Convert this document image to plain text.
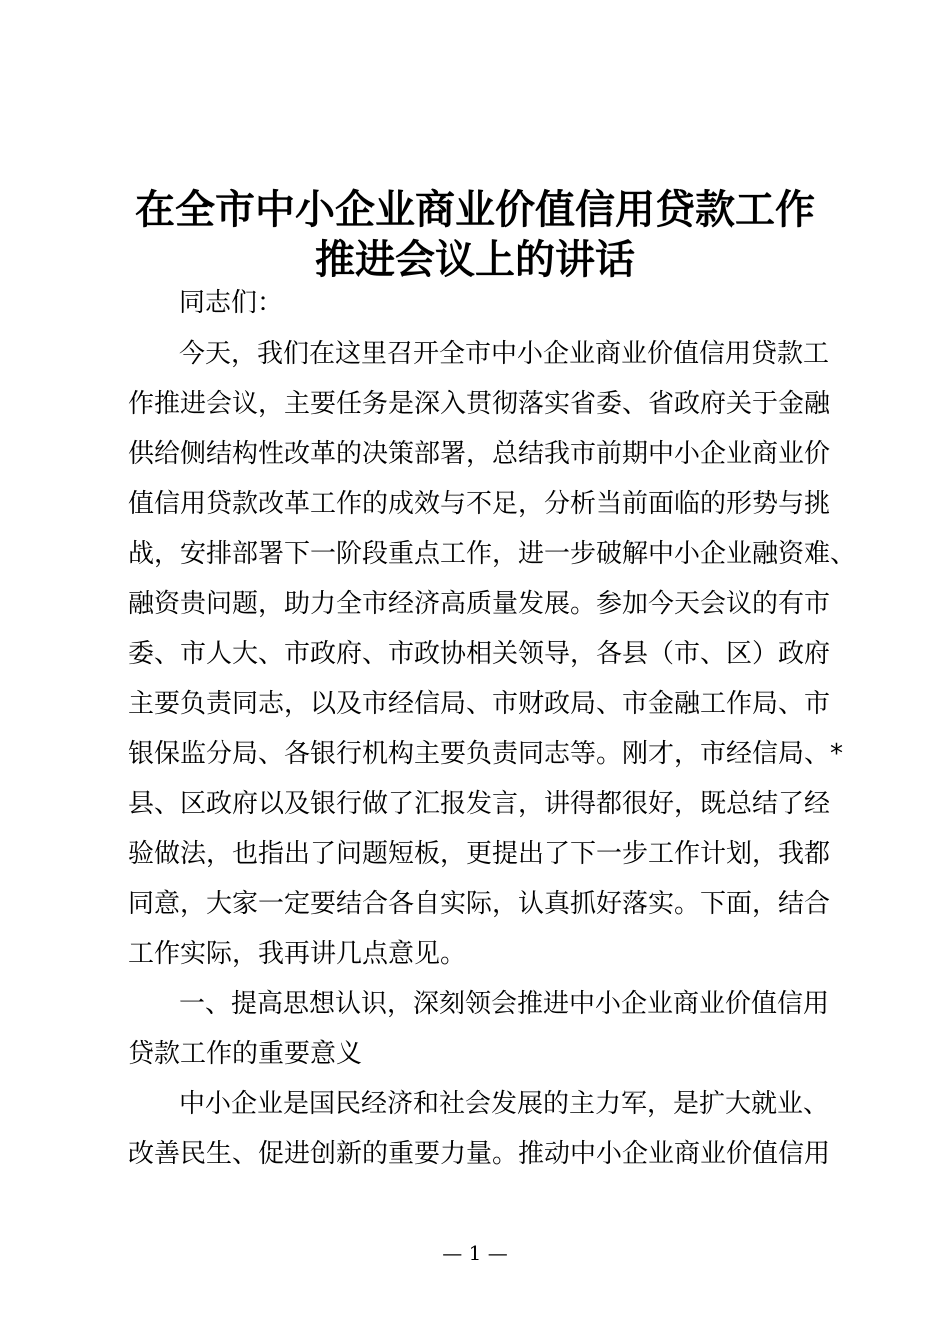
在全市中小企业商业价值信用贷款工作
推进会议上的讲话
同志们：
今天，我们在这里召开全市中小企业商业价值信用贷款工
作推进会议，主要任务是深入贯彻落实省委、省政府关于金融
供给侧结构性改革的决策部署，总结我市前期中小企业商业价
值信用贷款改革工作的成效与不足，分析当前面临的形势与挑
战，安排部署下一阶段重点工作，进一步破解中小企业融资难、
融资贵问题，助力全市经济高质量发展。参加今天会议的有市
委、市人大、市政府、市政协相关领导，各县（市、区）政府
主要负责同志，以及市经信局、市财政局、市金融工作局、市
银保监分局、各银行机构主要负责同志等。刚才，市经信局、*
县、区政府以及银行做了汇报发言，讲得都很好，既总结了经
验做法，也指出了问题短板，更提出了下一步工作计划，我都
同意，大家一定要结合各自实际，认真抓好落实。下面，结合
工作实际，我再讲几点意见。
一、提高思想认识，深刻领会推进中小企业商业价值信用
贷款工作的重要意义
中小企业是国民经济和社会发展的主力军，是扩大就业、
改善民生、促进创新的重要力量。推动中小企业商业价值信用
— 1 —
